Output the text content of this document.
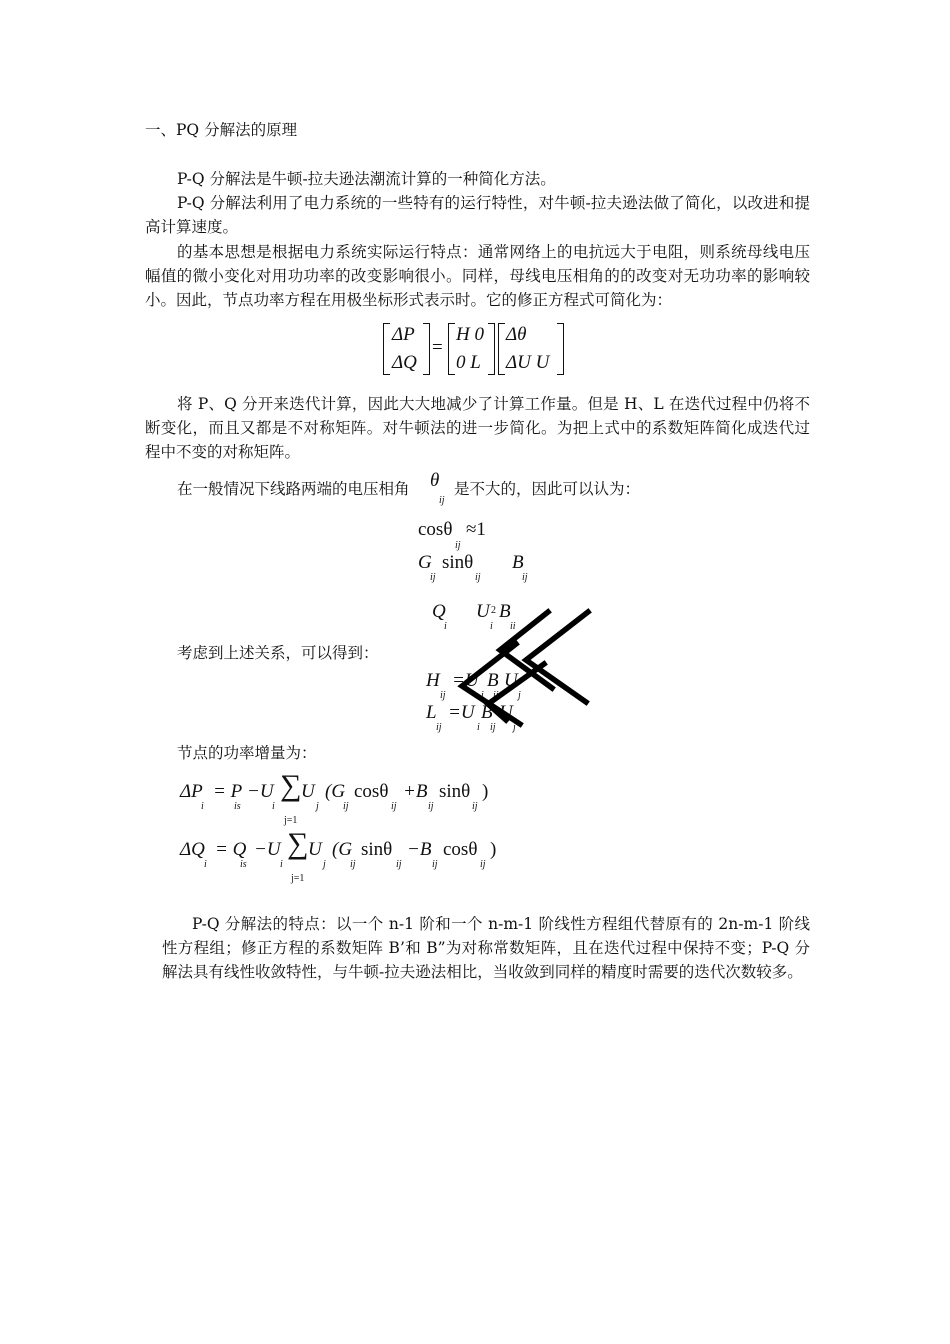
一、PQ 分解法的原理
P-Q 分解法是牛顿-拉夫逊法潮流计算的一种简化方法。
P-Q 分解法利用了电力系统的一些特有的运行特性，对牛顿-拉夫逊法做了简化，以改进和提高计算速度。
的基本思想是根据电力系统实际运行特点：通常网络上的电抗远大于电阻，则系统母线电压幅值的微小变化对用功功率的改变影响很小。同样，母线电压相角的的改变对无功功率的影响较小。因此，节点功率方程在用极坐标形式表示时。它的修正方程式可简化为：
ΔP
ΔQ
=
H 0
0 L
Δθ
ΔU U
将 P、Q 分开来迭代计算，因此大大地减少了计算工作量。但是 H、L 在迭代过程中仍将不断变化，而且又都是不对称矩阵。对牛顿法的进一步简化。为把上式中的系数矩阵简化成迭代过程中不变的对称矩阵。
在一般情况下线路两端的电压相角 θ
ij
是不大的，因此可以认为：
cosθ
ij
≈1
G
ij
sinθ
ij
B
ij
Q
i
U
i
2 B
ii
考虑到上述关系，可以得到：
H
ij
=U
i
B
ij
U
j
L
ij
=U
i
B
ij
U
j
节点的功率增量为：
ΔP
i
= P
is
−U
i
∑
j=1
U
j
(G
ij
cosθ
ij
+B
ij
sinθ
ij
)
ΔQ
i
= Q
is
−U
i
∑
j=1
U
j
(G
ij
sinθ
ij
−B
ij
cosθ
ij
)
P-Q 分解法的特点：以一个 n-1 阶和一个 n-m-1 阶线性方程组代替原有的 2n-m-1 阶线性方程组；修正方程的系数矩阵 B’和 B”为对称常数矩阵，且在迭代过程中保持不变；P-Q 分解法具有线性收敛特性，与牛顿-拉夫逊法相比，当收敛到同样的精度时需要的迭代次数较多。
